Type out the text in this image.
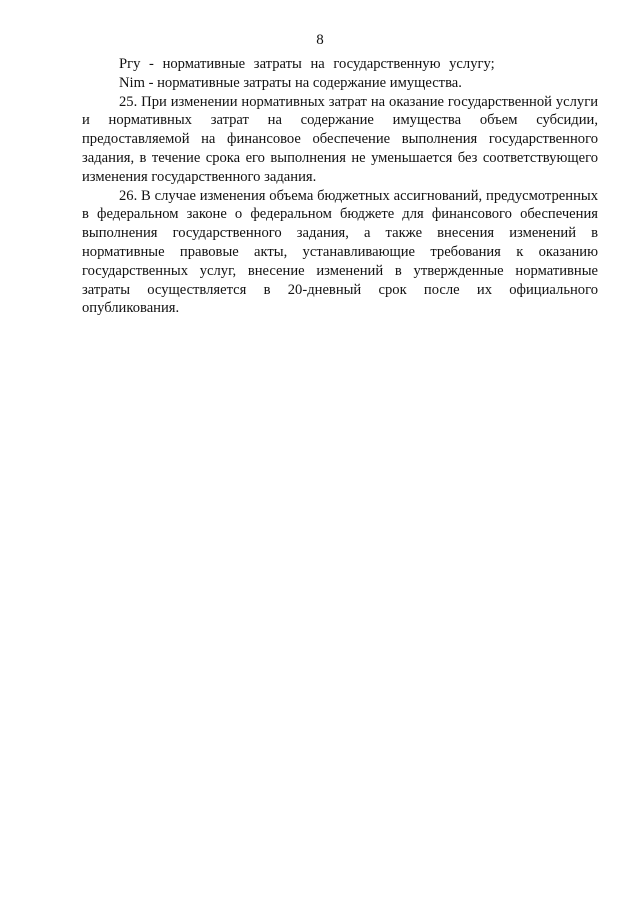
8
Pгу - нормативные затраты на государственную услугу;
Nim - нормативные затраты на содержание имущества.

25. При изменении нормативных затрат на оказание государственной услуги и нормативных затрат на содержание имущества объем субсидии, предоставляемой на финансовое обеспечение выполнения государственного задания, в течение срока его выполнения не уменьшается без соответствующего изменения государственного задания.

26. В случае изменения объема бюджетных ассигнований, предусмотренных в федеральном законе о федеральном бюджете для финансового обеспечения выполнения государственного задания, а также внесения изменений в нормативные правовые акты, устанавливающие требования к оказанию государственных услуг, внесение изменений в утвержденные нормативные затраты осуществляется в 20-дневный срок после их официального опубликования.
